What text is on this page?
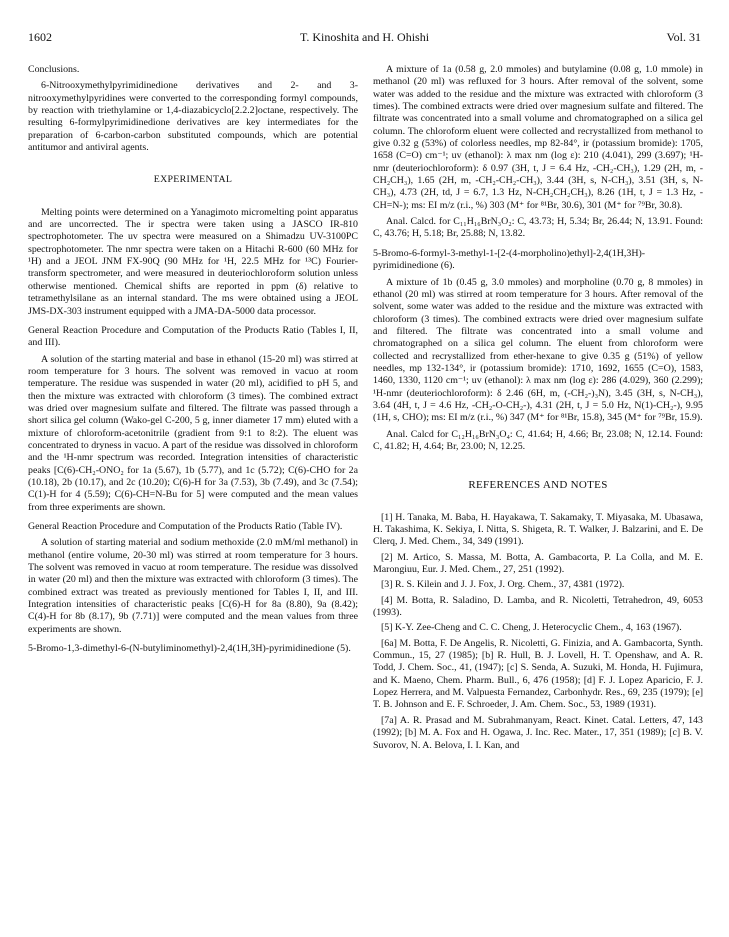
1602	T. Kinoshita and H. Ohishi	Vol. 31

Conclusions.

6-Nitrooxymethylpyrimidinedione derivatives and 2- and 3-nitrooxymethylpyridines were converted to the corresponding formyl compounds, by reaction with triethylamine or 1,4-diazabicyclo[2.2.2]octane, respectively. The resulting 6-formylpyrimidinedione derivatives are key intermediates for the preparation of 6-carbon-carbon substituted compounds, which are potential antitumor and antiviral agents.

EXPERIMENTAL

Melting points were determined on a Yanagimoto micromelting point apparatus and are uncorrected. The ir spectra were taken using a JASCO IR-810 spectrophotometer. The uv spectra were measured on a Shimadzu UV-3100PC spectrophotometer. The nmr spectra were taken on a Hitachi R-600 (60 MHz for ¹H) and a JEOL JNM FX-90Q (90 MHz for ¹H, 22.5 MHz for ¹³C) Fourier-transform spectrometer, and were measured in deuteriochloroform solution unless otherwise mentioned. Chemical shifts are reported in ppm (δ) relative to tetramethylsilane as an internal standard. The ms were obtained using a JEOL JMS-DX-303 instrument equipped with a JMA-DA-5000 data processor.

General Reaction Procedure and Computation of the Products Ratio (Tables I, II, and III).

A solution of the starting material and base in ethanol (15-20 ml) was stirred at room temperature for 3 hours. The solvent was removed in vacuo at room temperature. The residue was suspended in water (20 ml), acidified to pH 5, and then the mixture was extracted with chloroform (3 times). The combined extract was dried over magnesium sulfate and filtered. The filtrate was passed through a short silica gel column (Wako-gel C-200, 5 g, inner diameter 17 mm) eluted with a mixture of chloroform-acetonitrile (gradient from 9:1 to 8:2). The eluent was concentrated to dryness in vacuo. A part of the residue was dissolved in chloroform and the ¹H-nmr spectrum was recorded. Integration intensities of characteristic peaks [C(6)-CH₂-ONO₂ for 1a (5.67), 1b (5.77), and 1c (5.72); C(6)-CHO for 2a (10.18), 2b (10.17), and 2c (10.20); C(6)-H for 3a (7.53), 3b (7.49), and 3c (7.54); C(1)-H for 4 (5.59); C(6)-CH=N-Bu for 5] were computed and the mean values from three experiments are shown.

General Reaction Procedure and Computation of the Products Ratio (Table IV).

A solution of starting material and sodium methoxide (2.0 mM/ml methanol) in methanol (entire volume, 20-30 ml) was stirred at room temperature for 3 hours. The solvent was removed in vacuo at room temperature. The residue was dissolved in water (20 ml) and then the mixture was extracted with chloroform (3 times). The combined extract was treated as previously mentioned for Tables I, II, and III. Integration intensities of characteristic peaks [C(6)-H for 8a (8.80), 9a (8.42); C(4)-H for 8b (8.17), 9b (7.71)] were computed and the mean values from three experiments are shown.

5-Bromo-1,3-dimethyl-6-(N-butyliminomethyl)-2,4(1H,3H)-pyrimidinedione (5).

A mixture of 1a (0.58 g, 2.0 mmoles) and butylamine (0.08 g, 1.0 mmole) in methanol (20 ml) was refluxed for 3 hours. After removal of the solvent, some water was added to the residue and the mixture was extracted with chloroform (3 times). The combined extracts were dried over magnesium sulfate and filtered. The filtrate was concentrated into a small volume and chromatographed on a silica gel column. The chloroform eluent were collected and recrystallized from methanol to give 0.32 g (53%) of colorless needles, mp 82-84°, ir (potassium bromide): 1705, 1658 (C=O) cm⁻¹; uv (ethanol): λ max nm (log ε): 210 (4.041), 299 (3.697); ¹H-nmr (deuteriochloroform): δ 0.97 (3H, t, J = 6.4 Hz, -CH₂-CH₃), 1.29 (2H, m, -CH₂CH₃), 1.65 (2H, m, -CH₂-CH₂-CH₃), 3.44 (3H, s, N-CH₃), 3.51 (3H, s, N-CH₃), 4.73 (2H, td, J = 6.7, 1.3 Hz, N-CH₂CH₂CH₃), 8.26 (1H, t, J = 1.3 Hz, -CH=N-); ms: EI m/z (r.i., %) 303 (M⁺ for ⁸¹Br, 30.6), 301 (M⁺ for ⁷⁹Br, 30.8).

Anal. Calcd. for C₁₁H₁₆BrN₃O₂: C, 43.73; H, 5.34; Br, 26.44; N, 13.91. Found: C, 43.76; H, 5.18; Br, 25.88; N, 13.82.

5-Bromo-6-formyl-3-methyl-1-[2-(4-morpholino)ethyl]-2,4(1H,3H)-pyrimidinedione (6).

A mixture of 1b (0.45 g, 3.0 mmoles) and morpholine (0.70 g, 8 mmoles) in ethanol (20 ml) was stirred at room temperature for 3 hours. After removal of the solvent, some water was added to the residue and the mixture was extracted with chloroform (3 times). The combined extracts were dried over magnesium sulfate and filtered. The filtrate was concentrated into a small volume and chromatographed on a silica gel column. The eluent from chloroform were collected and recrystallized from ether-hexane to give 0.35 g (51%) of yellow needles, mp 132-134°, ir (potassium bromide): 1710, 1692, 1655 (C=O), 1583, 1460, 1330, 1120 cm⁻¹; uv (ethanol): λ max nm (log ε): 286 (4.029), 360 (2.299); ¹H-nmr (deuteriochloroform): δ 2.46 (6H, m, (-CH₂-)₃N), 3.45 (3H, s, N-CH₃), 3.64 (4H, t, J = 4.6 Hz, -CH₂-O-CH₂-), 4.31 (2H, t, J = 5.0 Hz, N(1)-CH₂-), 9.95 (1H, s, CHO); ms: EI m/z (r.i., %) 347 (M⁺ for ⁸¹Br, 15.8), 345 (M⁺ for ⁷⁹Br, 15.9).

Anal. Calcd for C₁₂H₁₆BrN₃O₄: C, 41.64; H, 4.66; Br, 23.08; N, 12.14. Found: C, 41.82; H, 4.64; Br, 23.00; N, 12.25.

REFERENCES AND NOTES

[1] H. Tanaka, M. Baba, H. Hayakawa, T. Sakamaky, T. Miyasaka, M. Ubasawa, H. Takashima, K. Sekiya, I. Nitta, S. Shigeta, R. T. Walker, J. Balzarini, and E. De Clerq, J. Med. Chem., 34, 349 (1991).

[2] M. Artico, S. Massa, M. Botta, A. Gambacorta, P. La Colla, and M. E. Marongiuu, Eur. J. Med. Chem., 27, 251 (1992).

[3] R. S. Kilein and J. J. Fox, J. Org. Chem., 37, 4381 (1972).

[4] M. Botta, R. Saladino, D. Lamba, and R. Nicoletti, Tetrahedron, 49, 6053 (1993).

[5] K-Y. Zee-Cheng and C. C. Cheng, J. Heterocyclic Chem., 4, 163 (1967).

[6a] M. Botta, F. De Angelis, R. Nicoletti, G. Finizia, and A. Gambacorta, Synth. Commun., 15, 27 (1985); [b] R. Hull, B. J. Lovell, H. T. Openshaw, and A. R. Todd, J. Chem. Soc., 41, (1947); [c] S. Senda, A. Suzuki, M. Honda, H. Fujimura, and K. Maeno, Chem. Pharm. Bull., 6, 476 (1958); [d] F. J. Lopez Aparicio, F. J. Lopez Herrera, and M. Valpuesta Fernandez, Carbonhydr. Res., 69, 235 (1979); [e] T. B. Johnson and E. F. Schroeder, J. Am. Chem. Soc., 53, 1989 (1931).

[7a] A. R. Prasad and M. Subrahmanyam, React. Kinet. Catal. Letters, 47, 143 (1992); [b] M. A. Fox and H. Ogawa, J. Inc. Rec. Mater., 17, 351 (1989); [c] B. V. Suvorov, N. A. Belova, I. I. Kan, and
